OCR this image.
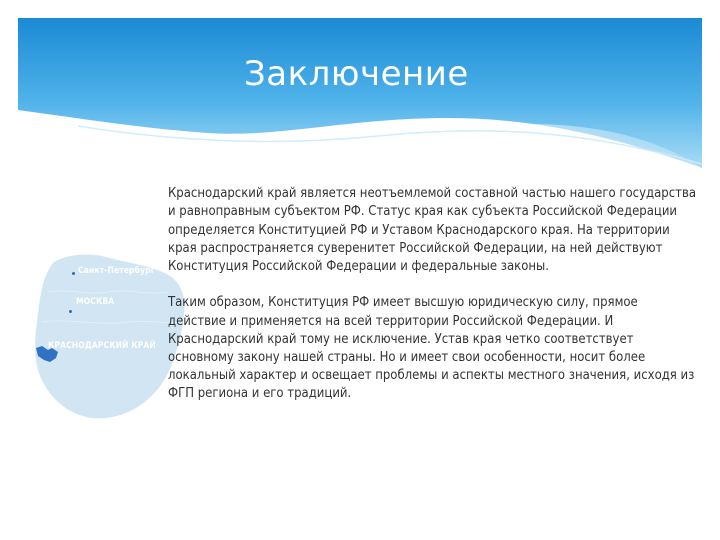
Заключение
Санкт-Петербург
МОСКВА
КРАСНОДАРСКИЙ КРАЙ

Краснодарский край является неотъемлемой составной частью нашего государства и равноправным субъектом РФ. Статус края как субъекта Российской Федерации определяется Конституцией РФ и Уставом Краснодарского края. На территории края распространяется суверенитет Российской Федерации, на ней действуют Конституция Российской Федерации и федеральные законы.

Таким образом, Конституция РФ имеет высшую юридическую силу, прямое действие и применяется на всей территории Российской Федерации. И Краснодарский край тому не исключение. Устав края четко соответствует основному закону нашей страны. Но и имеет свои особенности, носит более локальный характер и освещает проблемы и аспекты местного значения, исходя из ФГП региона и его традиций.
